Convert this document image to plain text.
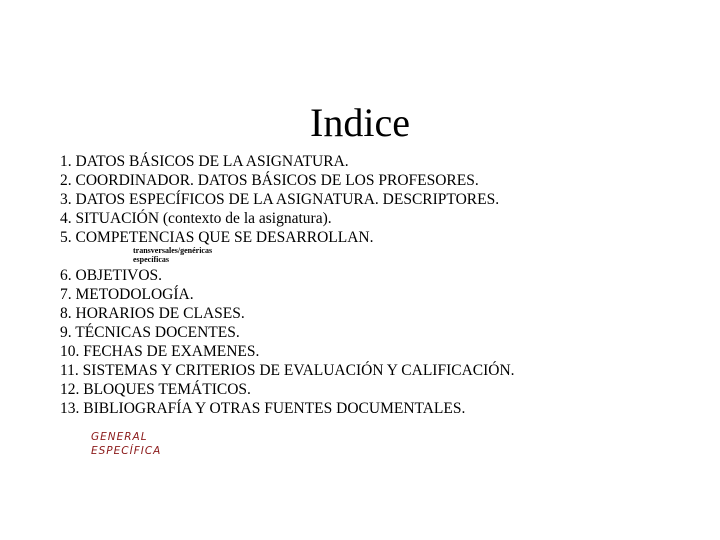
Indice
1. DATOS BÁSICOS DE LA ASIGNATURA.
2. COORDINADOR. DATOS BÁSICOS DE LOS PROFESORES.
3. DATOS ESPECÍFICOS DE LA ASIGNATURA. DESCRIPTORES.
4. SITUACIÓN (contexto de la asignatura).
5. COMPETENCIAS QUE SE DESARROLLAN.
transversales/genéricas
específicas
6. OBJETIVOS.
7. METODOLOGÍA.
8. HORARIOS DE CLASES.
9. TÉCNICAS DOCENTES.
10. FECHAS DE EXAMENES.
11. SISTEMAS Y CRITERIOS DE EVALUACIÓN Y CALIFICACIÓN.
12. BLOQUES TEMÁTICOS.
13. BIBLIOGRAFÍA Y OTRAS FUENTES DOCUMENTALES.
GENERAL
ESPECÍFICA
